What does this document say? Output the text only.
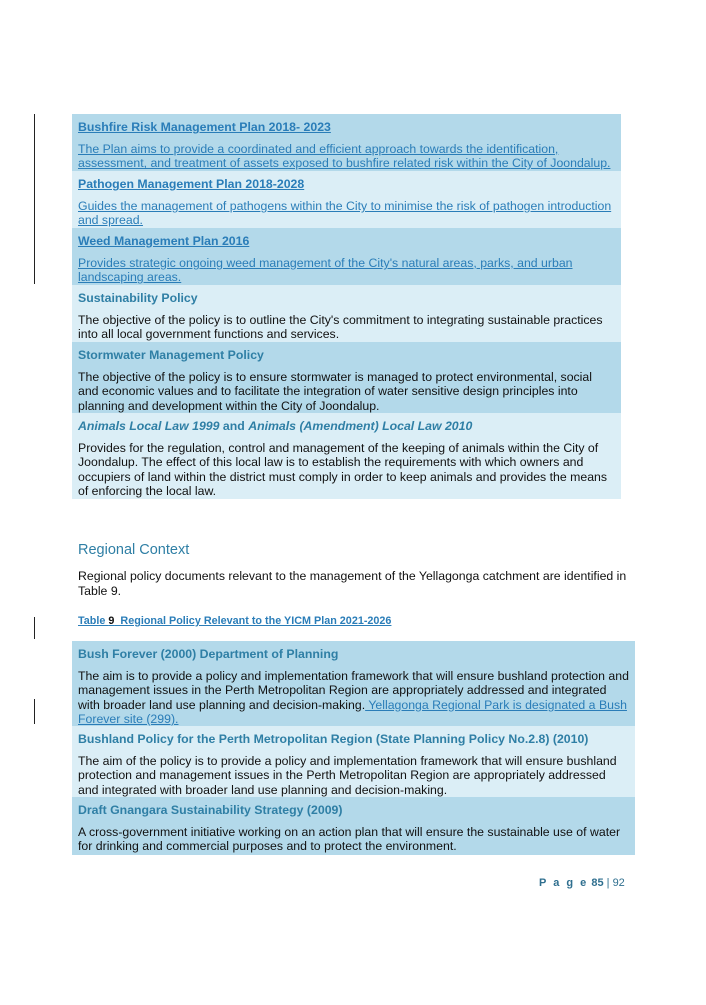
Bushfire Risk Management Plan 2018- 2023
The Plan aims to provide a coordinated and efficient approach towards the identification, assessment, and treatment of assets exposed to bushfire related risk within the City of Joondalup.
Pathogen Management Plan 2018-2028
Guides the management of pathogens within the City to minimise the risk of pathogen introduction and spread.
Weed Management Plan 2016
Provides strategic ongoing weed management of the City's natural areas, parks, and urban landscaping areas.
Sustainability Policy
The objective of the policy is to outline the City's commitment to integrating sustainable practices into all local government functions and services.
Stormwater Management Policy
The objective of the policy is to ensure stormwater is managed to protect environmental, social and economic values and to facilitate the integration of water sensitive design principles into planning and development within the City of Joondalup.
Animals Local Law 1999 and Animals (Amendment) Local Law 2010
Provides for the regulation, control and management of the keeping of animals within the City of Joondalup. The effect of this local law is to establish the requirements with which owners and occupiers of land within the district must comply in order to keep animals and provides the means of enforcing the local law.
Regional Context
Regional policy documents relevant to the management of the Yellagonga catchment are identified in Table 9.
Table 9  Regional Policy Relevant to the YICM Plan 2021-2026
Bush Forever (2000) Department of Planning
The aim is to provide a policy and implementation framework that will ensure bushland protection and management issues in the Perth Metropolitan Region are appropriately addressed and integrated with broader land use planning and decision-making. Yellagonga Regional Park is designated a Bush Forever site (299).
Bushland Policy for the Perth Metropolitan Region (State Planning Policy No.2.8) (2010)
The aim of the policy is to provide a policy and implementation framework that will ensure bushland protection and management issues in the Perth Metropolitan Region are appropriately addressed and integrated with broader land use planning and decision-making.
Draft Gnangara Sustainability Strategy (2009)
A cross-government initiative working on an action plan that will ensure the sustainable use of water for drinking and commercial purposes and to protect the environment.
P a g e 85 | 92
